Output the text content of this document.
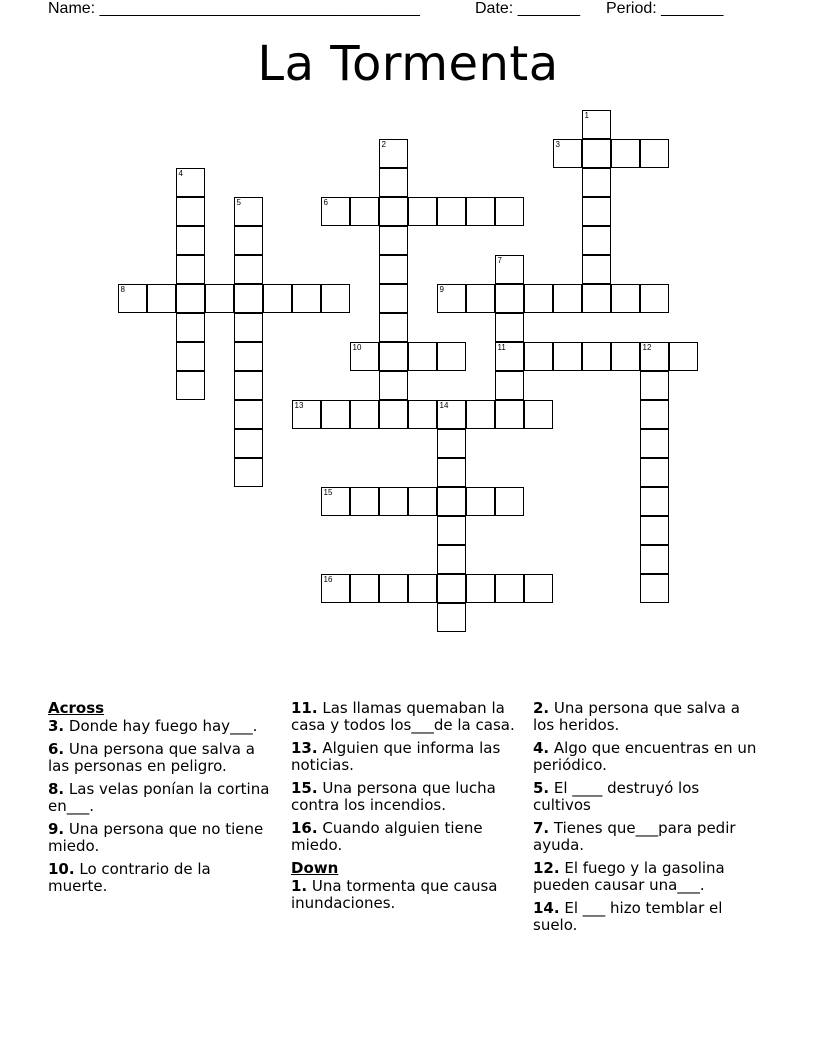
Name: ____________________________________	Date: _______ Period: _______
La Tormenta
1
2	3
4
5	6
7
11
8	9
10	12
13	14
15
16
Across
3. Donde hay fuego hay___.
6. Una persona que salva a las personas en peligro.
8. Las velas ponían la cortina en___.
9. Una persona que no tiene miedo.
10. Lo contrario de la muerte.
11. Las llamas quemaban la casa y todos los___de la casa.
13. Alguien que informa las noticias.
15. Una persona que lucha contra los incendios.
16. Cuando alguien tiene miedo.
Down
1. Una tormenta que causa inundaciones.
2. Una persona que salva a los heridos.
4. Algo que encuentras en un periódico.
5. El ____ destruyó los cultivos
7. Tienes que___para pedir ayuda.
12. El fuego y la gasolina pueden causar una___.
14. El ___ hizo temblar el suelo.
